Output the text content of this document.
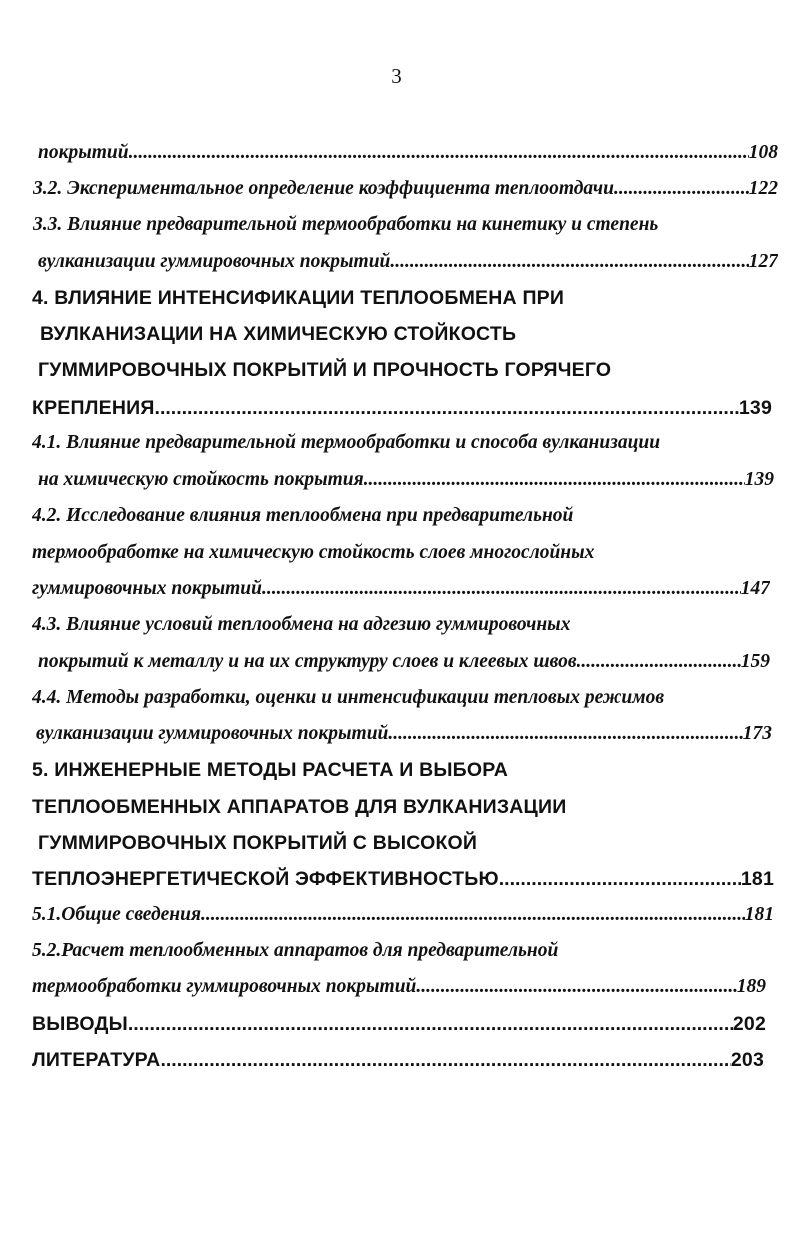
3
покрытий .....	108
3.2. Экспериментальное определение коэффициента теплоотдачи .....	122
3.3. Влияние предварительной термообработки на кинетику и степень
вулканизации гуммировочных покрытий .....	127
4. ВЛИЯНИЕ ИНТЕНСИФИКАЦИИ ТЕПЛООБМЕНА ПРИ
ВУЛКАНИЗАЦИИ НА ХИМИЧЕСКУЮ СТОЙКОСТЬ
ГУММИРОВОЧНЫХ ПОКРЫТИЙ И ПРОЧНОСТЬ ГОРЯЧЕГО
КРЕПЛЕНИЯ .....	139
4.1. Влияние предварительной термообработки и способа вулканизации
на химическую стойкость покрытия .....	139
4.2. Исследование влияния теплообмена при предварительной
термообработке на химическую стойкость слоев многослойных
гуммировочных покрытий .....	147
4.3. Влияние условий теплообмена на адгезию гуммировочных
покрытий к металлу и на их структуру слоев и клеевых швов .....	159
4.4. Методы разработки, оценки и интенсификации тепловых режимов
вулканизации гуммировочных покрытий .....	173
5. ИНЖЕНЕРНЫЕ МЕТОДЫ РАСЧЕТА И ВЫБОРА
ТЕПЛООБМЕННЫХ АППАРАТОВ ДЛЯ ВУЛКАНИЗАЦИИ
ГУММИРОВОЧНЫХ ПОКРЫТИЙ С ВЫСОКОЙ
ТЕПЛОЭНЕРГЕТИЧЕСКОЙ ЭФФЕКТИВНОСТЬЮ .....	181
5.1.Общие сведения .....	181
5.2.Расчет теплообменных аппаратов для предварительной
термообработки гуммировочных покрытий .....	189
ВЫВОДЫ .....	202
ЛИТЕРАТУРА .....	203
